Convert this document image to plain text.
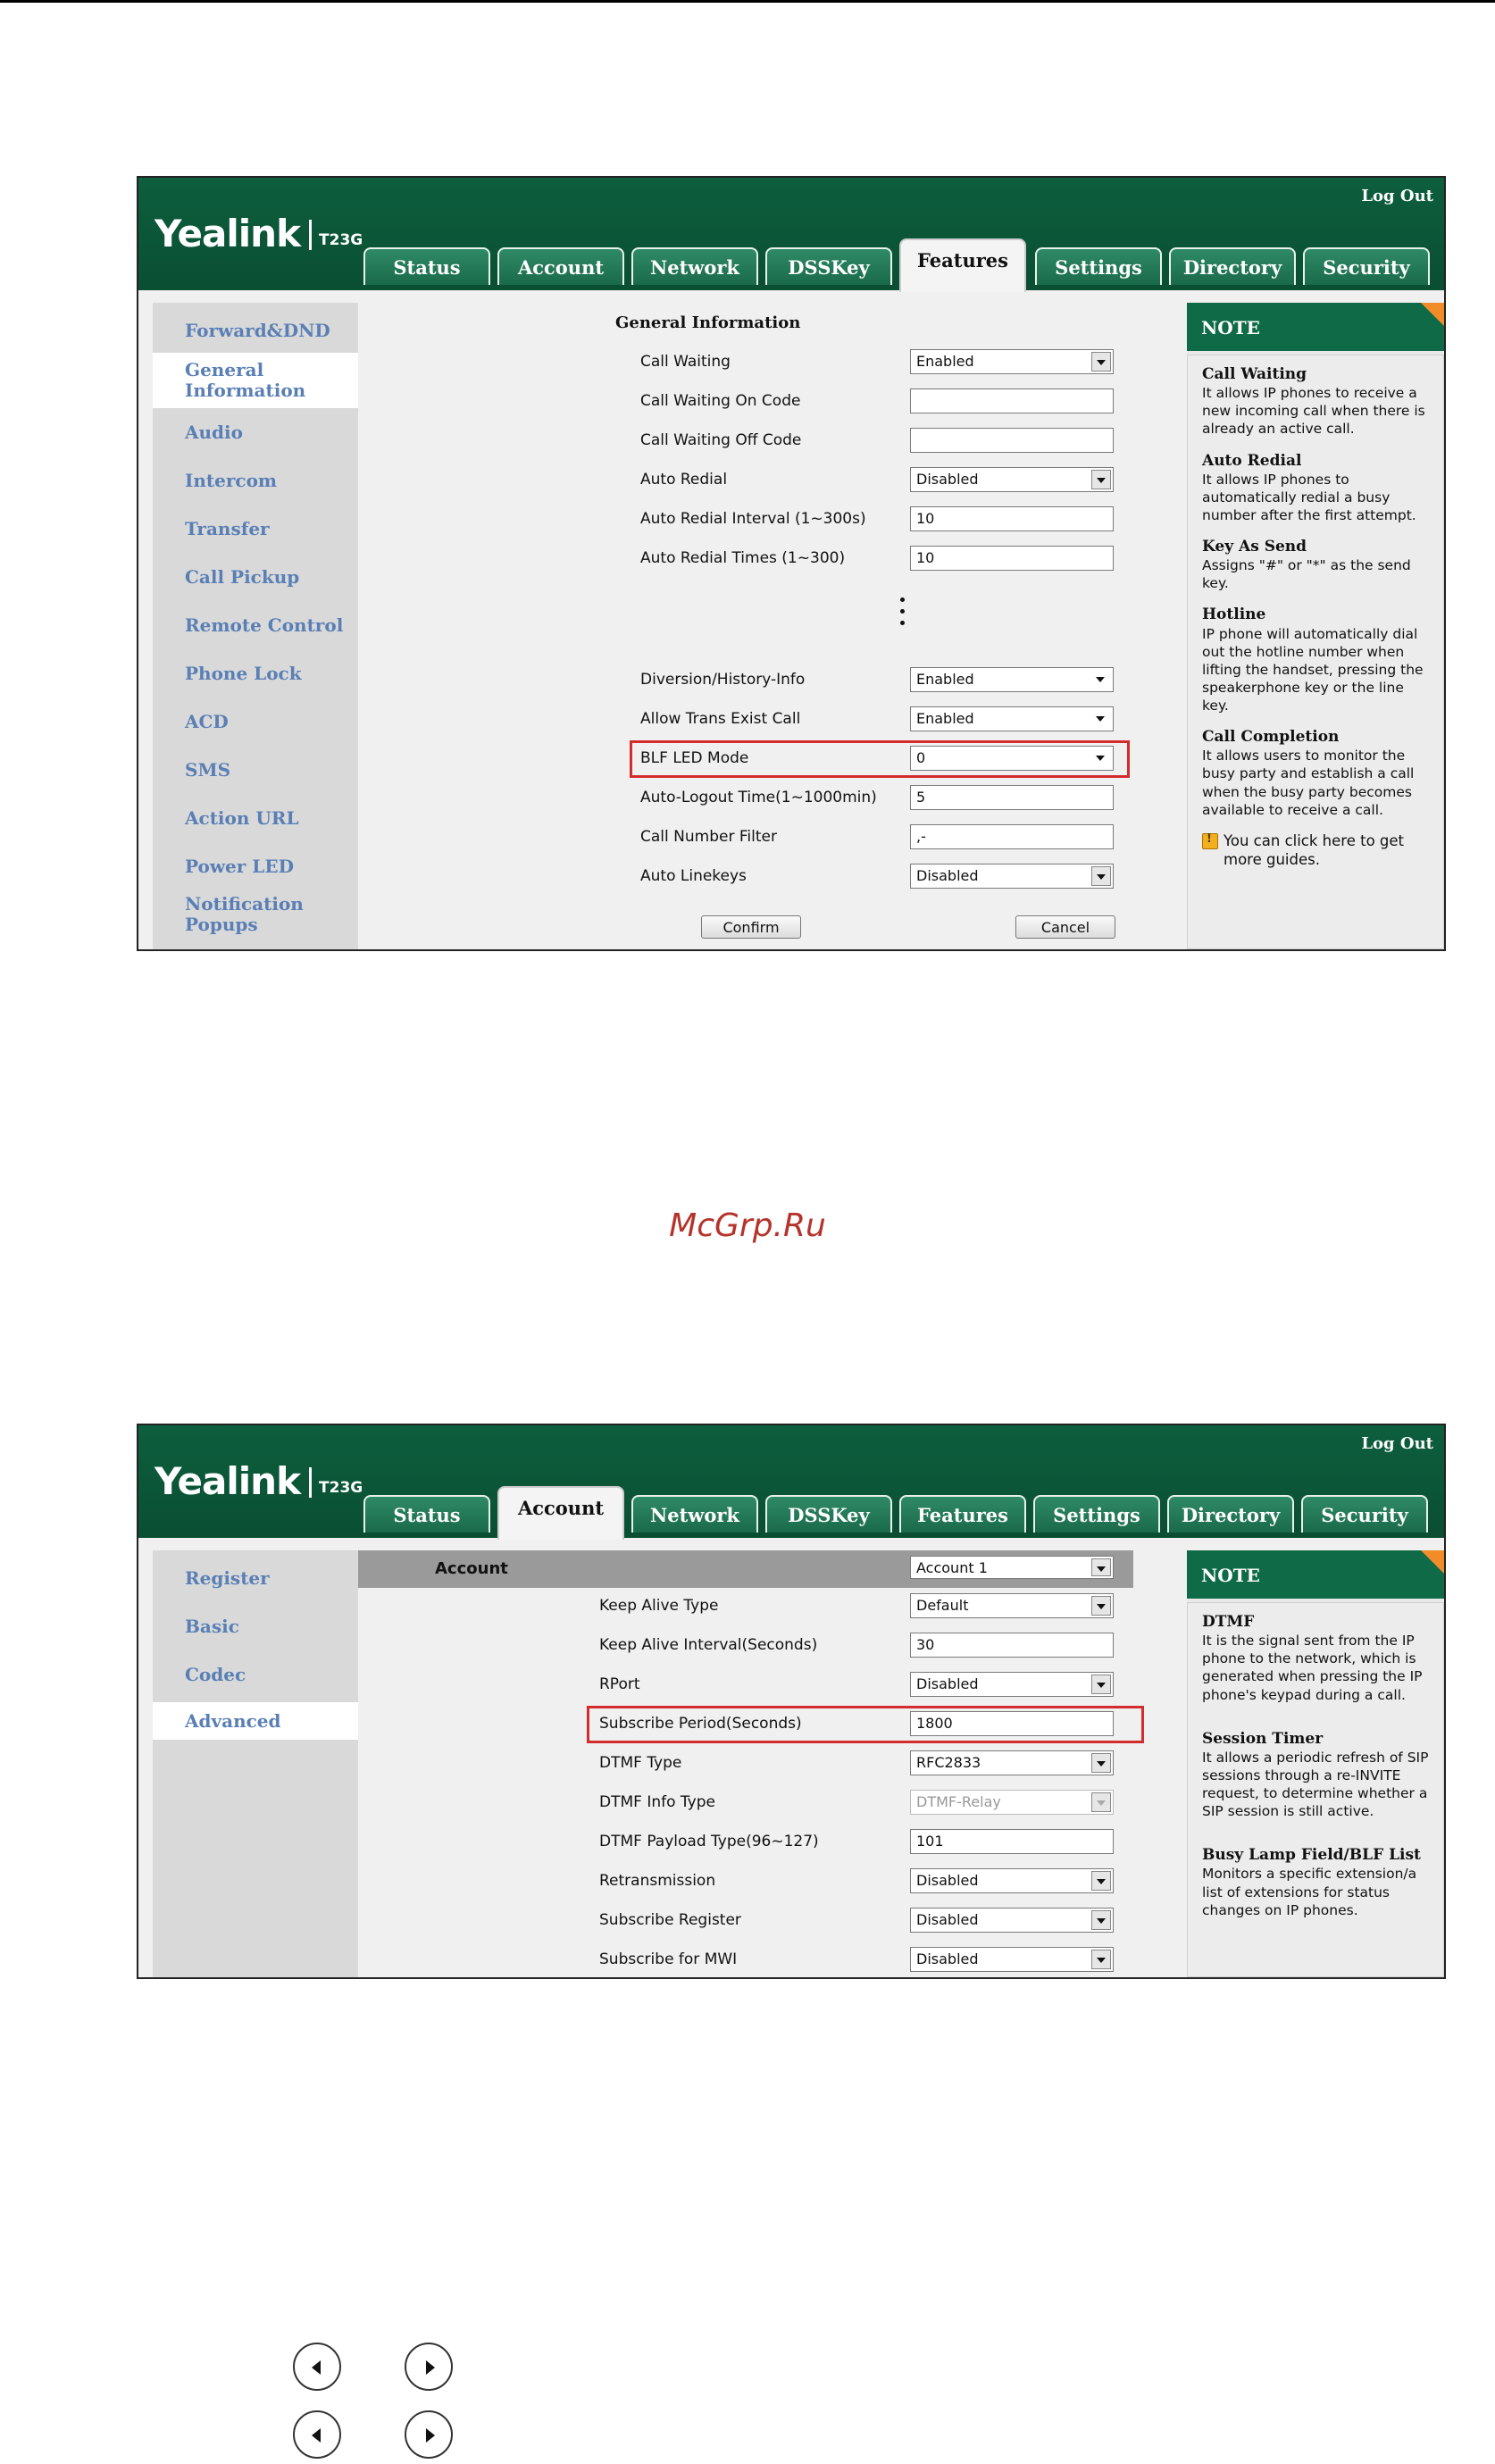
Yealink T23G
Log Out
Status	Account	Network	DSSKey	Features	Settings	Directory	Security
Forward&DND
General Information
Audio
Intercom
Transfer
Call Pickup
Remote Control
Phone Lock
ACD
SMS
Action URL
Power LED
Notification Popups
General Information
Call Waiting	Enabled
Call Waiting On Code
Call Waiting Off Code
Auto Redial	Disabled
Auto Redial Interval (1~300s)	10
Auto Redial Times (1~300)	10
Diversion/History-Info	Enabled
Allow Trans Exist Call	Enabled
BLF LED Mode	0
Auto-Logout Time(1~1000min)	5
Call Number Filter	,-
Auto Linekeys	Disabled
Confirm	Cancel
NOTE
Call Waiting
It allows IP phones to receive a new incoming call when there is already an active call.
Auto Redial
It allows IP phones to automatically redial a busy number after the first attempt.
Key As Send
Assigns "#" or "*" as the send key.
Hotline
IP phone will automatically dial out the hotline number when lifting the handset, pressing the speakerphone key or the line key.
Call Completion
It allows users to monitor the busy party and establish a call when the busy party becomes available to receive a call.
!
You can click here to get more guides.
McGrp.Ru
Yealink T23G
Log Out
Status	Account	Network	DSSKey	Features	Settings	Directory	Security
Register
Basic
Codec
Advanced
Account	Account 1
Keep Alive Type	Default
Keep Alive Interval(Seconds)	30
RPort	Disabled
Subscribe Period(Seconds)	1800
DTMF Type	RFC2833
DTMF Info Type	DTMF-Relay
DTMF Payload Type(96~127)	101
Retransmission	Disabled
Subscribe Register	Disabled
Subscribe for MWI	Disabled
NOTE
DTMF
It is the signal sent from the IP phone to the network, which is generated when pressing the IP phone's keypad during a call.
Session Timer
It allows a periodic refresh of SIP sessions through a re-INVITE request, to determine whether a SIP session is still active.
Busy Lamp Field/BLF List
Monitors a specific extension/a list of extensions for status changes on IP phones.
